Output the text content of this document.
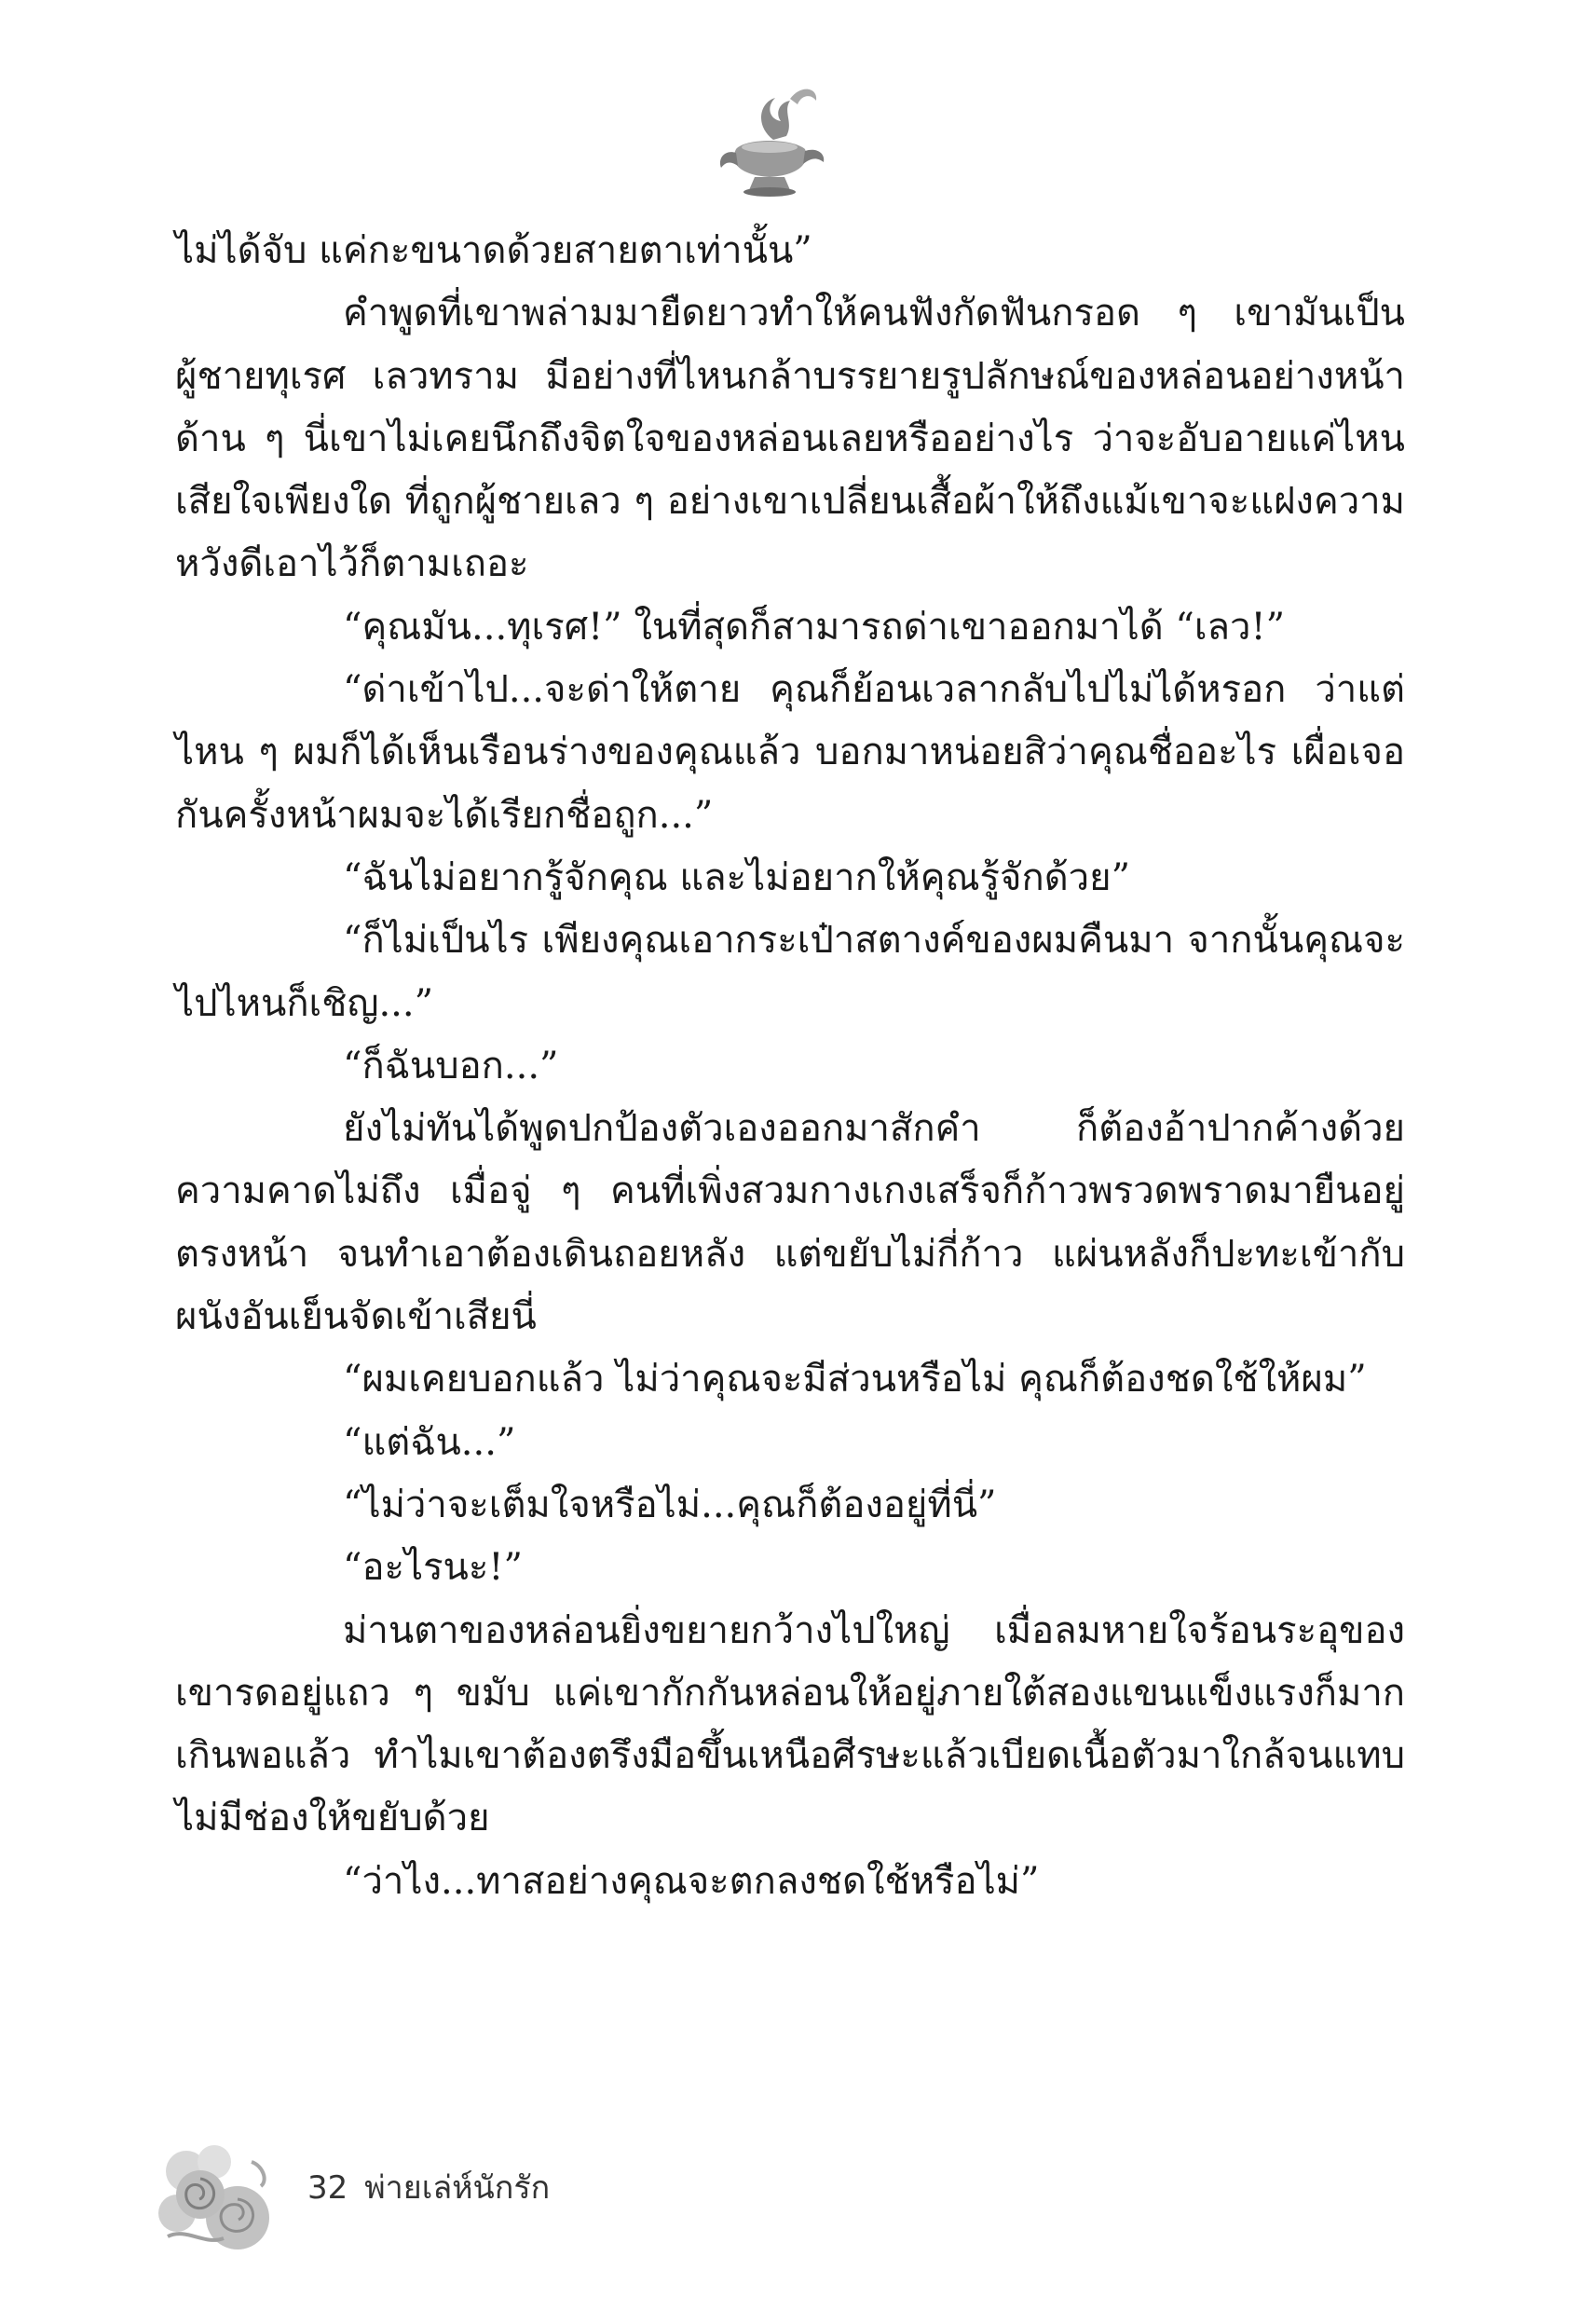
ไม่ได้จับ แค่กะขนาดด้วยสายตาเท่านั้น”

คำพูดที่เขาพล่ามมายืดยาวทำให้คนฟังกัดฟันกรอด ๆ เขามันเป็นผู้ชายทุเรศ เลวทราม มีอย่างที่ไหนกล้าบรรยายรูปลักษณ์ของหล่อนอย่างหน้าด้าน ๆ นี่เขาไม่เคยนึกถึงจิตใจของหล่อนเลยหรืออย่างไร ว่าจะอับอายแค่ไหน เสียใจเพียงใด ที่ถูกผู้ชายเลว ๆ อย่างเขาเปลี่ยนเสื้อผ้าให้ถึงแม้เขาจะแฝงความหวังดีเอาไว้ก็ตามเถอะ

“คุณมัน...ทุเรศ!” ในที่สุดก็สามารถด่าเขาออกมาได้ “เลว!”

“ด่าเข้าไป...จะด่าให้ตาย คุณก็ย้อนเวลากลับไปไม่ได้หรอก ว่าแต่ไหน ๆ ผมก็ได้เห็นเรือนร่างของคุณแล้ว บอกมาหน่อยสิว่าคุณชื่ออะไร เผื่อเจอกันครั้งหน้าผมจะได้เรียกชื่อถูก...”

“ฉันไม่อยากรู้จักคุณ และไม่อยากให้คุณรู้จักด้วย”

“ก็ไม่เป็นไร เพียงคุณเอากระเป๋าสตางค์ของผมคืนมา จากนั้นคุณจะไปไหนก็เชิญ...”

“ก็ฉันบอก...”

ยังไม่ทันได้พูดปกป้องตัวเองออกมาสักคำ ก็ต้องอ้าปากค้างด้วยความคาดไม่ถึง เมื่อจู่ ๆ คนที่เพิ่งสวมกางเกงเสร็จก็ก้าวพรวดพราดมายืนอยู่ตรงหน้า จนทำเอาต้องเดินถอยหลัง แต่ขยับไม่กี่ก้าว แผ่นหลังก็ปะทะเข้ากับผนังอันเย็นจัดเข้าเสียนี่

“ผมเคยบอกแล้ว ไม่ว่าคุณจะมีส่วนหรือไม่ คุณก็ต้องชดใช้ให้ผม”

“แต่ฉัน...”

“ไม่ว่าจะเต็มใจหรือไม่...คุณก็ต้องอยู่ที่นี่”

“อะไรนะ!”

ม่านตาของหล่อนยิ่งขยายกว้างไปใหญ่ เมื่อลมหายใจร้อนระอุของเขารดอยู่แถว ๆ ขมับ แค่เขากักกันหล่อนให้อยู่ภายใต้สองแขนแข็งแรงก็มากเกินพอแล้ว ทำไมเขาต้องตรึงมือขึ้นเหนือศีรษะแล้วเบียดเนื้อตัวมาใกล้จนแทบไม่มีช่องให้ขยับด้วย

“ว่าไง...ทาสอย่างคุณจะตกลงชดใช้หรือไม่”

32 พ่ายเล่ห์นักรัก
